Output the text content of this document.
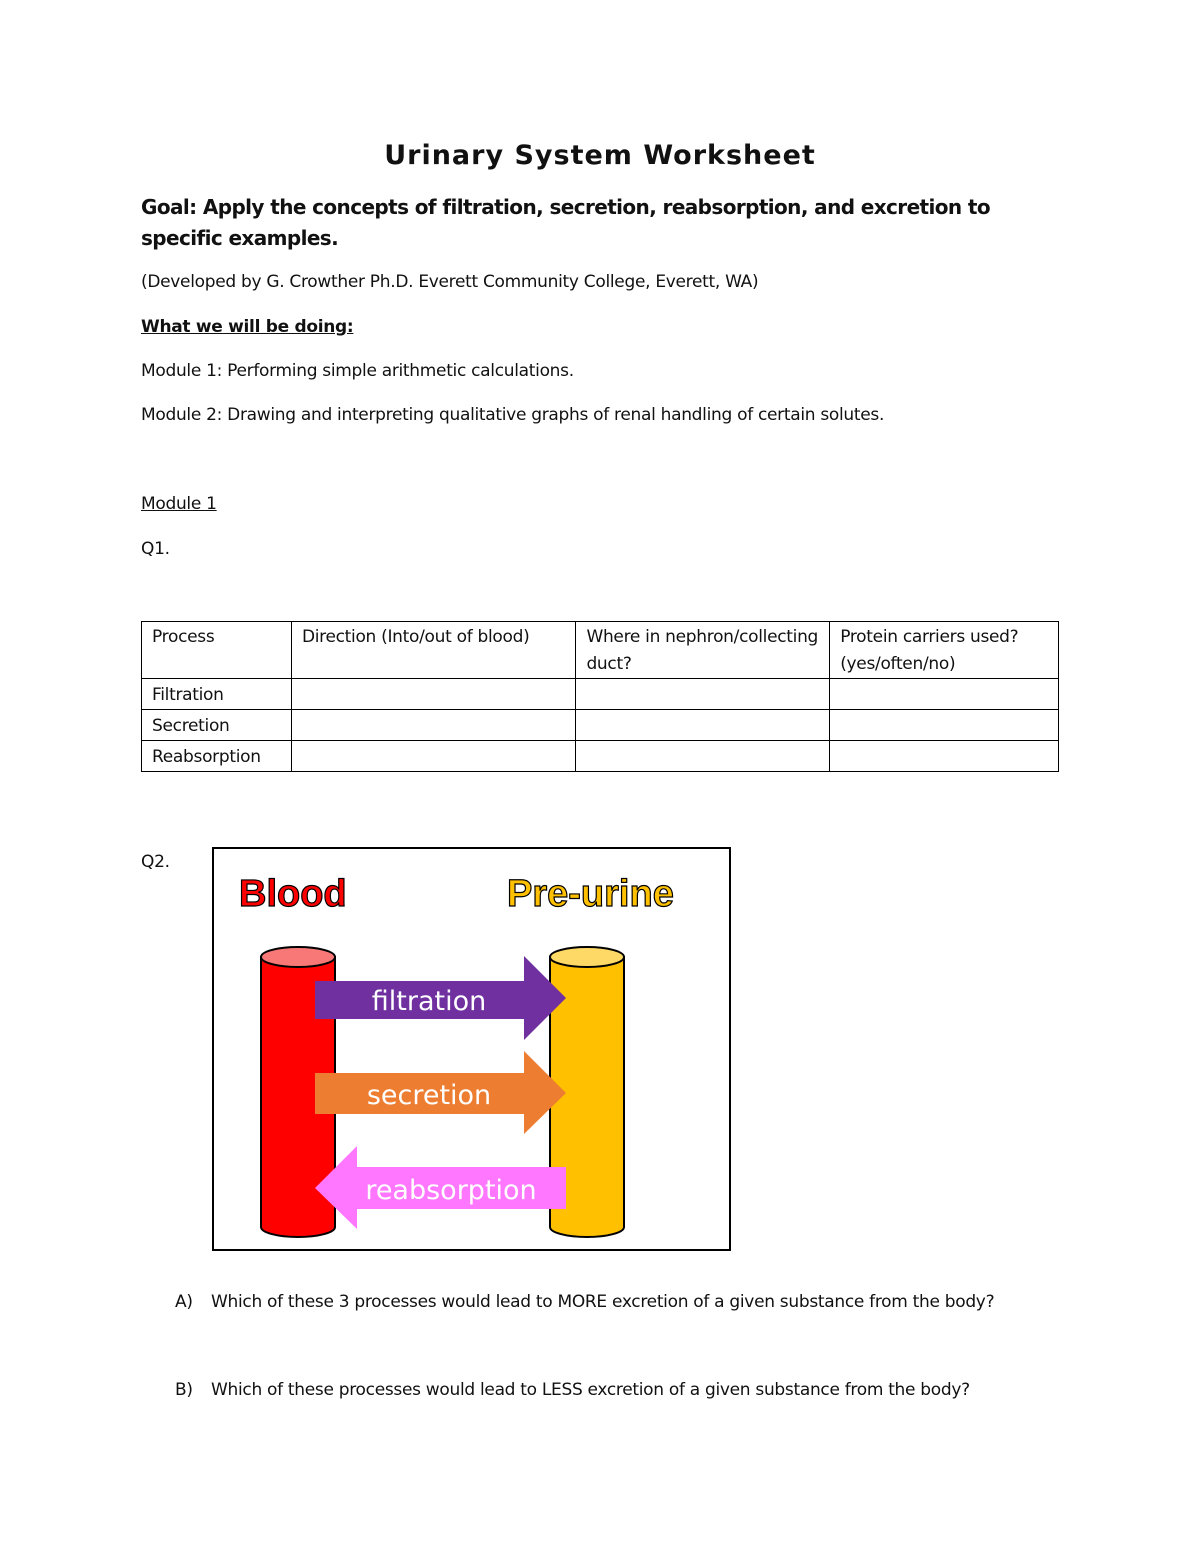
Urinary System Worksheet
Goal: Apply the concepts of filtration, secretion, reabsorption, and excretion to specific examples.
(Developed by G. Crowther Ph.D. Everett Community College, Everett, WA)
What we will be doing:
Module 1: Performing simple arithmetic calculations.
Module 2: Drawing and interpreting qualitative graphs of renal handling of certain solutes.
Module 1
Q1.
Process	Direction (Into/out of blood)	Where in nephron/collecting duct?	Protein carriers used? (yes/often/no)
Filtration			
Secretion			
Reabsorption			
Q2.
Blood	Pre-urine
filtration
secretion
reabsorption
A) Which of these 3 processes would lead to MORE excretion of a given substance from the body?
B) Which of these processes would lead to LESS excretion of a given substance from the body?
